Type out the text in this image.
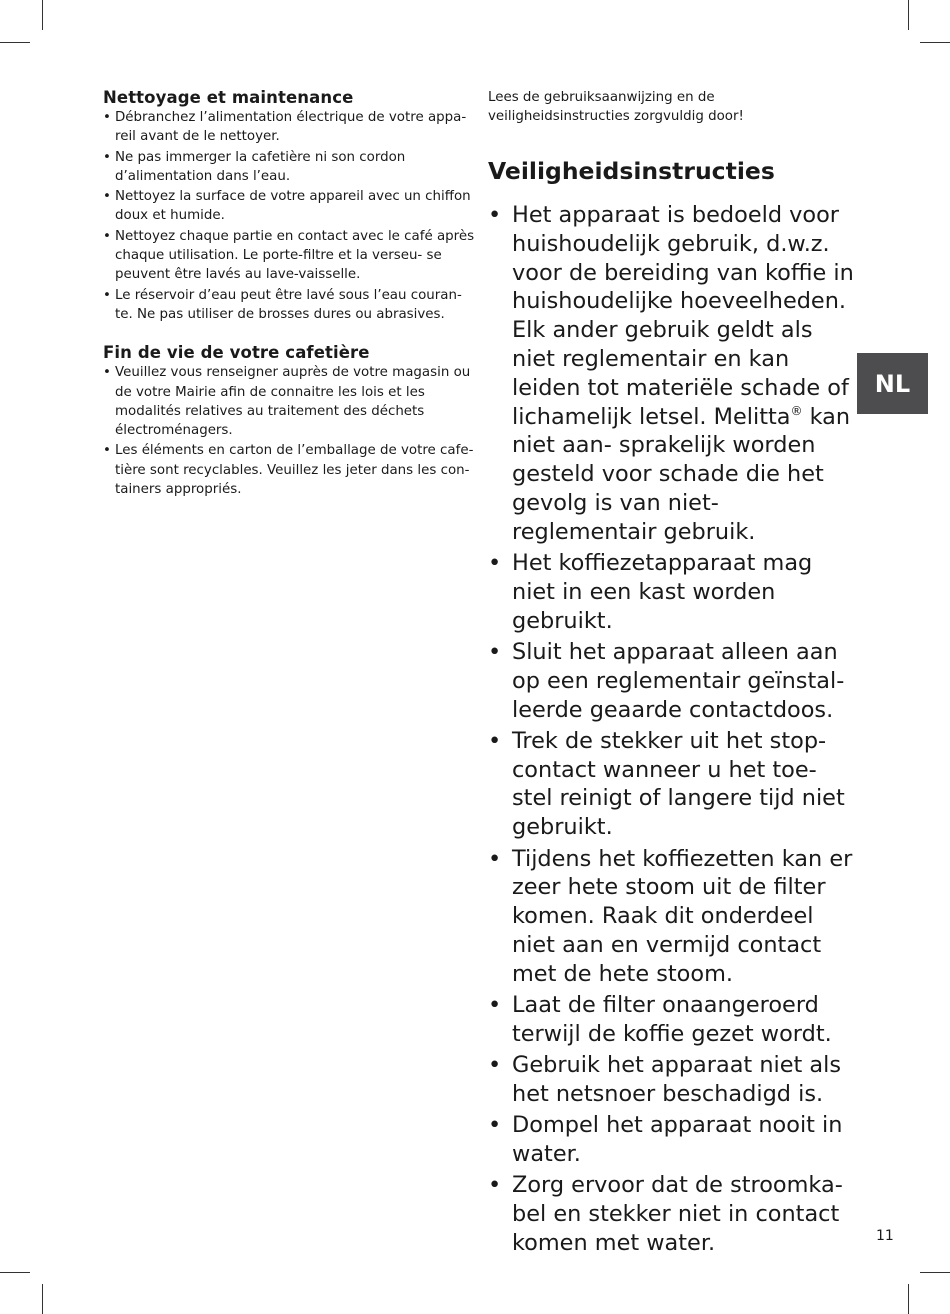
Nettoyage et maintenance
• Débranchez l’alimentation électrique de votre appa- reil avant de le nettoyer.
• Ne pas immerger la cafetière ni son cordon d’alimentation dans l’eau.
• Nettoyez la surface de votre appareil avec un chiffon doux et humide.
• Nettoyez chaque partie en contact avec le café après chaque utilisation. Le porte-filtre et la verseu- se peuvent être lavés au lave-vaisselle.
• Le réservoir d’eau peut être lavé sous l’eau couran- te. Ne pas utiliser de brosses dures ou abrasives.
Fin de vie de votre cafetière
• Veuillez vous renseigner auprès de votre magasin ou de votre Mairie afin de connaitre les lois et les modalités relatives au traitement des déchets électroménagers.
• Les éléments en carton de l’emballage de votre cafe- tière sont recyclables. Veuillez les jeter dans les con- tainers appropriés.

Lees de gebruiksaanwijzing en de veiligheidsinstructies zorgvuldig door!

Veiligheidsinstructies
• Het apparaat is bedoeld voor huishoudelijk gebruik, d.w.z. voor de bereiding van koffie in huishoudelijke hoeveelheden. Elk ander gebruik geldt als niet reglementair en kan leiden tot materiële schade of lichamelijk letsel. Melitta® kan niet aan- sprakelijk worden gesteld voor schade die het gevolg is van niet-reglementair gebruik.
• Het koffiezetapparaat mag niet in een kast worden gebruikt.
• Sluit het apparaat alleen aan op een reglementair geïnstal- leerde geaarde contactdoos.
• Trek de stekker uit het stop- contact wanneer u het toe- stel reinigt of langere tijd niet gebruikt.
• Tijdens het koffiezetten kan er zeer hete stoom uit de filter komen. Raak dit onderdeel niet aan en vermijd contact met de hete stoom.
• Laat de filter onaangeroerd terwijl de koffie gezet wordt.
• Gebruik het apparaat niet als het netsnoer beschadigd is.
• Dompel het apparaat nooit in water.
• Zorg ervoor dat de stroomka- bel en stekker niet in contact komen met water.
NL
11
